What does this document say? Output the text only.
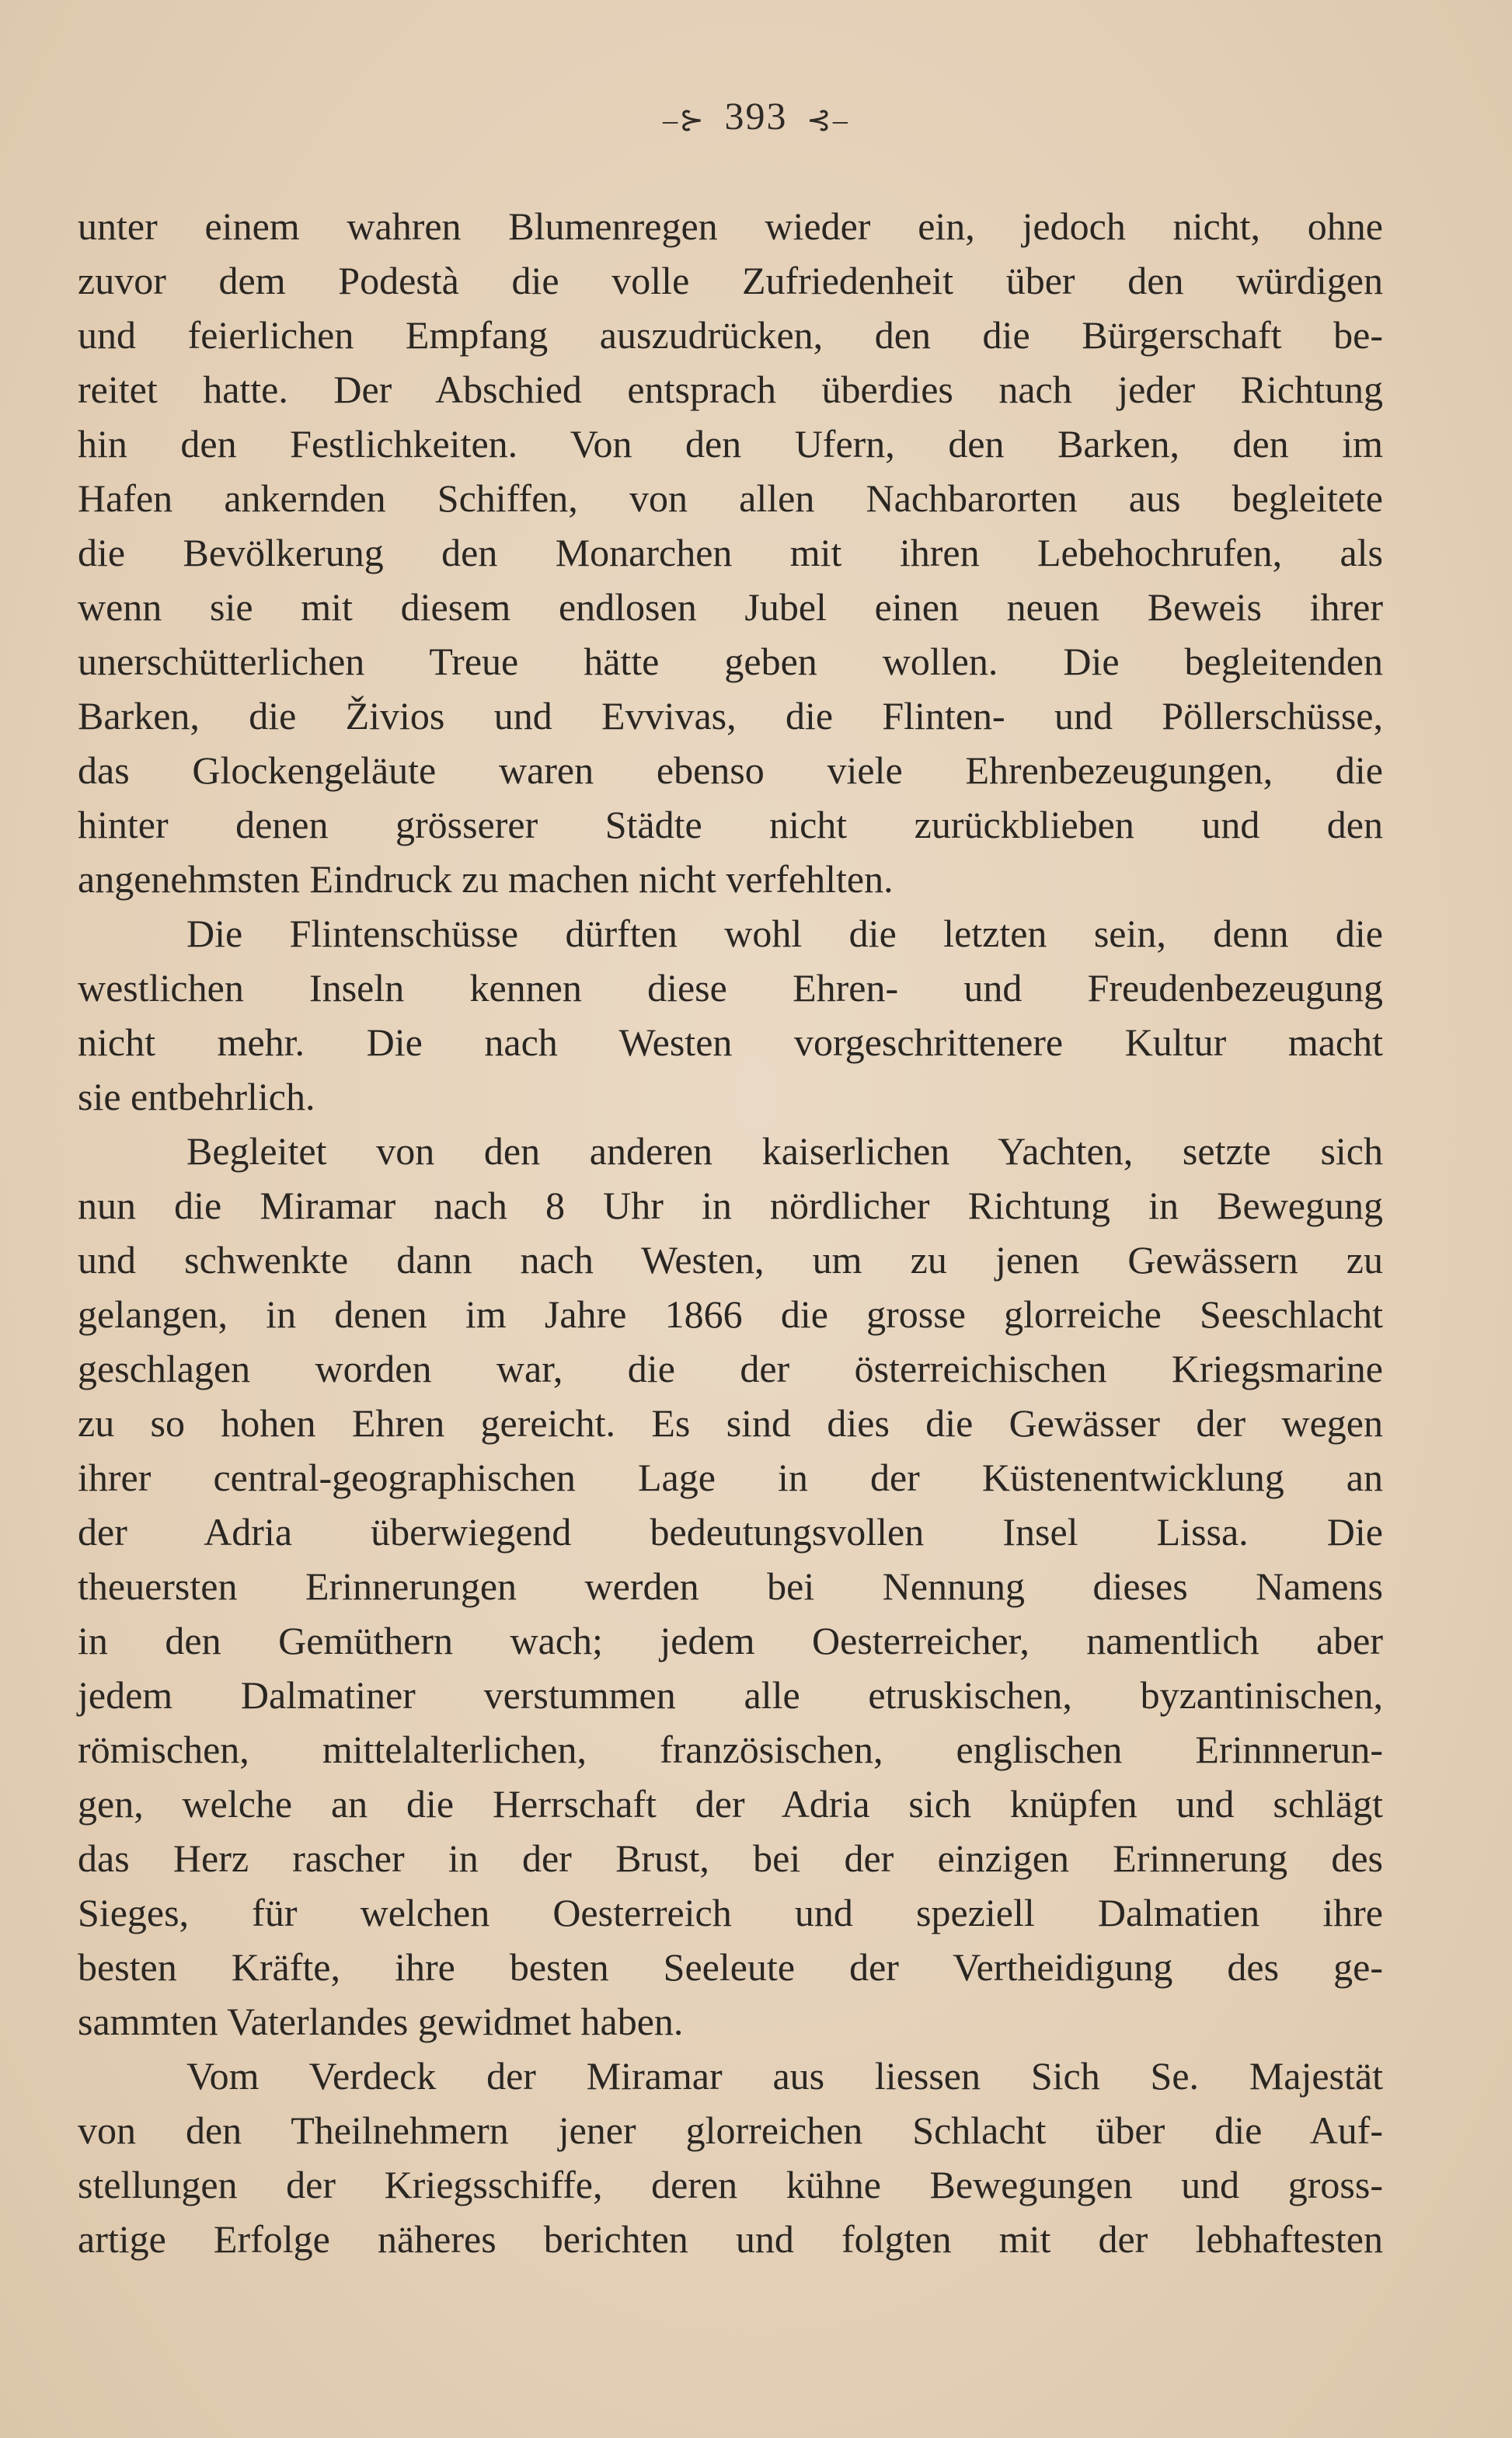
–⊱ 393 ⊰–
unter einem wahren Blumenregen wieder ein, jedoch nicht, ohne
zuvor dem Podestà die volle Zufriedenheit über den würdigen
und feierlichen Empfang auszudrücken, den die Bürgerschaft be-
reitet hatte. Der Abschied entsprach überdies nach jeder Richtung
hin den Festlichkeiten. Von den Ufern, den Barken, den im
Hafen ankernden Schiffen, von allen Nachbarorten aus begleitete
die Bevölkerung den Monarchen mit ihren Lebehochrufen, als
wenn sie mit diesem endlosen Jubel einen neuen Beweis ihrer
unerschütterlichen Treue hätte geben wollen. Die begleitenden
Barken, die Živios und Evvivas, die Flinten- und Pöllerschüsse,
das Glockengeläute waren ebenso viele Ehrenbezeugungen, die
hinter denen grösserer Städte nicht zurückblieben und den
angenehmsten Eindruck zu machen nicht verfehlten.
Die Flintenschüsse dürften wohl die letzten sein, denn die
westlichen Inseln kennen diese Ehren- und Freudenbezeugung
nicht mehr. Die nach Westen vorgeschrittenere Kultur macht
sie entbehrlich.
Begleitet von den anderen kaiserlichen Yachten, setzte sich
nun die Miramar nach 8 Uhr in nördlicher Richtung in Bewegung
und schwenkte dann nach Westen, um zu jenen Gewässern zu
gelangen, in denen im Jahre 1866 die grosse glorreiche Seeschlacht
geschlagen worden war, die der österreichischen Kriegsmarine
zu so hohen Ehren gereicht. Es sind dies die Gewässer der wegen
ihrer central-geographischen Lage in der Küstenentwicklung an
der Adria überwiegend bedeutungsvollen Insel Lissa. Die
theuersten Erinnerungen werden bei Nennung dieses Namens
in den Gemüthern wach; jedem Oesterreicher, namentlich aber
jedem Dalmatiner verstummen alle etruskischen, byzantinischen,
römischen, mittelalterlichen, französischen, englischen Erinnnerun-
gen, welche an die Herrschaft der Adria sich knüpfen und schlägt
das Herz rascher in der Brust, bei der einzigen Erinnerung des
Sieges, für welchen Oesterreich und speziell Dalmatien ihre
besten Kräfte, ihre besten Seeleute der Vertheidigung des ge-
sammten Vaterlandes gewidmet haben.
Vom Verdeck der Miramar aus liessen Sich Se. Majestät
von den Theilnehmern jener glorreichen Schlacht über die Auf-
stellungen der Kriegsschiffe, deren kühne Bewegungen und gross-
artige Erfolge näheres berichten und folgten mit der lebhaftesten
